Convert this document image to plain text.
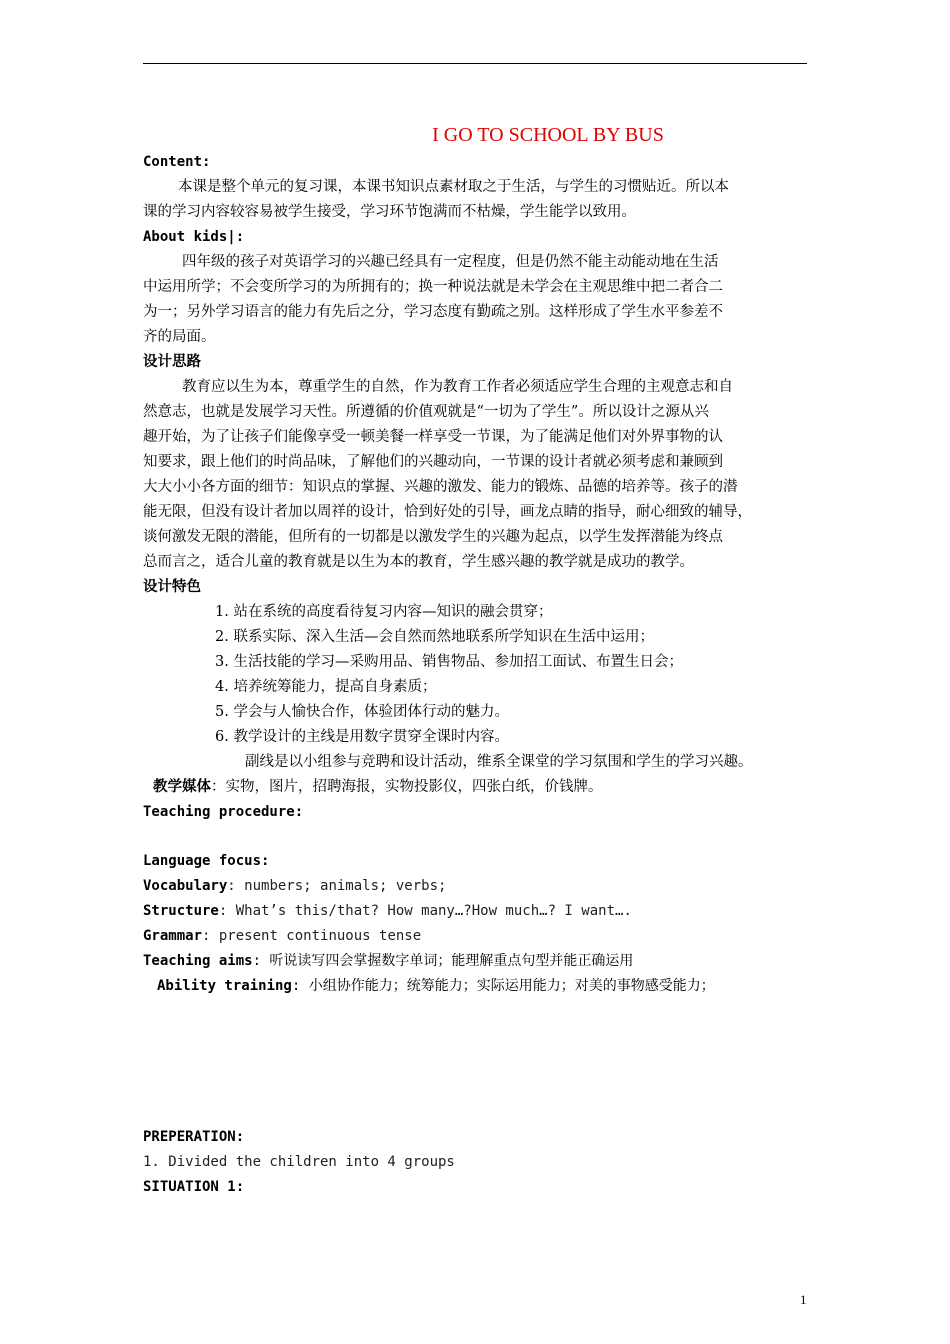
I GO TO SCHOOL BY BUS
Content:
本课是整个单元的复习课，本课书知识点素材取之于生活，与学生的习惯贴近。所以本
课的学习内容较容易被学生接受，学习环节饱满而不枯燥，学生能学以致用。
About kids|:
四年级的孩子对英语学习的兴趣已经具有一定程度，但是仍然不能主动能动地在生活
中运用所学；不会变所学习的为所拥有的；换一种说法就是未学会在主观思维中把二者合二
为一；另外学习语言的能力有先后之分，学习态度有勤疏之别。这样形成了学生水平参差不
齐的局面。
设计思路
教育应以生为本，尊重学生的自然，作为教育工作者必须适应学生合理的主观意志和自
然意志，也就是发展学习天性。所遵循的价值观就是“一切为了学生”。所以设计之源从兴
趣开始，为了让孩子们能像享受一顿美餐一样享受一节课，为了能满足他们对外界事物的认
知要求，跟上他们的时尚品味，了解他们的兴趣动向，一节课的设计者就必须考虑和兼顾到
大大小小各方面的细节：知识点的掌握、兴趣的激发、能力的锻炼、品德的培养等。孩子的潜
能无限，但没有设计者加以周祥的设计，恰到好处的引导，画龙点睛的指导，耐心细致的辅导，
谈何激发无限的潜能，但所有的一切都是以激发学生的兴趣为起点，以学生发挥潜能为终点
总而言之，适合儿童的教育就是以生为本的教育，学生感兴趣的教学就是成功的教学。
设计特色
1. 站在系统的高度看待复习内容—知识的融会贯穿；
2. 联系实际、深入生活—会自然而然地联系所学知识在生活中运用；
3. 生活技能的学习—采购用品、销售物品、参加招工面试、布置生日会；
4. 培养统筹能力，提高自身素质；
5. 学会与人愉快合作，体验团体行动的魅力。
6. 教学设计的主线是用数字贯穿全课时内容。
副线是以小组参与竞聘和设计活动，维系全课堂的学习氛围和学生的学习兴趣。
教学媒体：实物，图片，招聘海报，实物投影仪，四张白纸，价钱牌。
Teaching procedure:
Language focus:
Vocabulary: numbers; animals; verbs;
Structure: What’s this/that? How many…?How much…? I want….
Grammar: present continuous tense
Teaching aims: 听说读写四会掌握数字单词；能理解重点句型并能正确运用
Ability training: 小组协作能力；统筹能力；实际运用能力；对美的事物感受能力；
PREPERATION:
1. Divided the children into 4 groups
SITUATION 1:
1
